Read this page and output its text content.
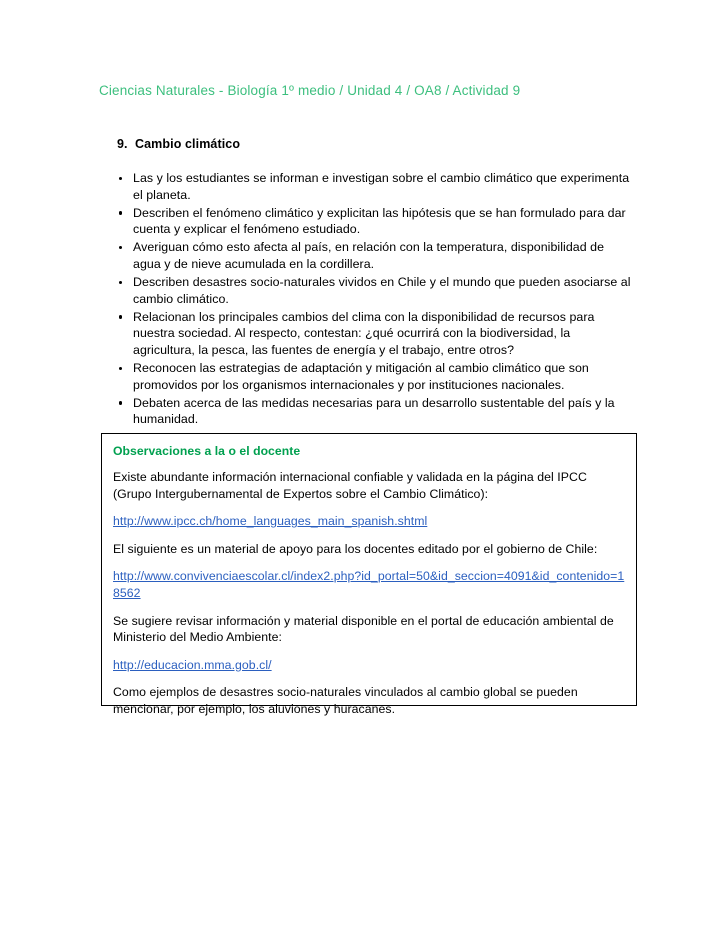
Ciencias Naturales - Biología 1º medio / Unidad 4 / OA8 / Actividad 9
9. Cambio climático
Las y los estudiantes se informan e investigan sobre el cambio climático que experimenta el planeta.
Describen el fenómeno climático y explicitan las hipótesis que se han formulado para dar cuenta y explicar el fenómeno estudiado.
Averiguan cómo esto afecta al país, en relación con la temperatura, disponibilidad de agua y de nieve acumulada en la cordillera.
Describen desastres socio-naturales vividos en Chile y el mundo que pueden asociarse al cambio climático.
Relacionan los principales cambios del clima con la disponibilidad de recursos para nuestra sociedad. Al respecto, contestan: ¿qué ocurrirá con la biodiversidad, la agricultura, la pesca, las fuentes de energía y el trabajo, entre otros?
Reconocen las estrategias de adaptación y mitigación al cambio climático que son promovidos por los organismos internacionales y por instituciones nacionales.
Debaten acerca de las medidas necesarias para un desarrollo sustentable del país y la humanidad.
Observaciones a la o el docente

Existe abundante información internacional confiable y validada en la página del IPCC (Grupo Intergubernamental de Expertos sobre el Cambio Climático):

http://www.ipcc.ch/home_languages_main_spanish.shtml

El siguiente es un material de apoyo para los docentes editado por el gobierno de Chile:

http://www.convivenciaescolar.cl/index2.php?id_portal=50&id_seccion=4091&id_contenido=18562

Se sugiere revisar información y material disponible en el portal de educación ambiental de Ministerio del Medio Ambiente:

http://educacion.mma.gob.cl/

Como ejemplos de desastres socio-naturales vinculados al cambio global se pueden mencionar, por ejemplo, los aluviones y huracanes.
